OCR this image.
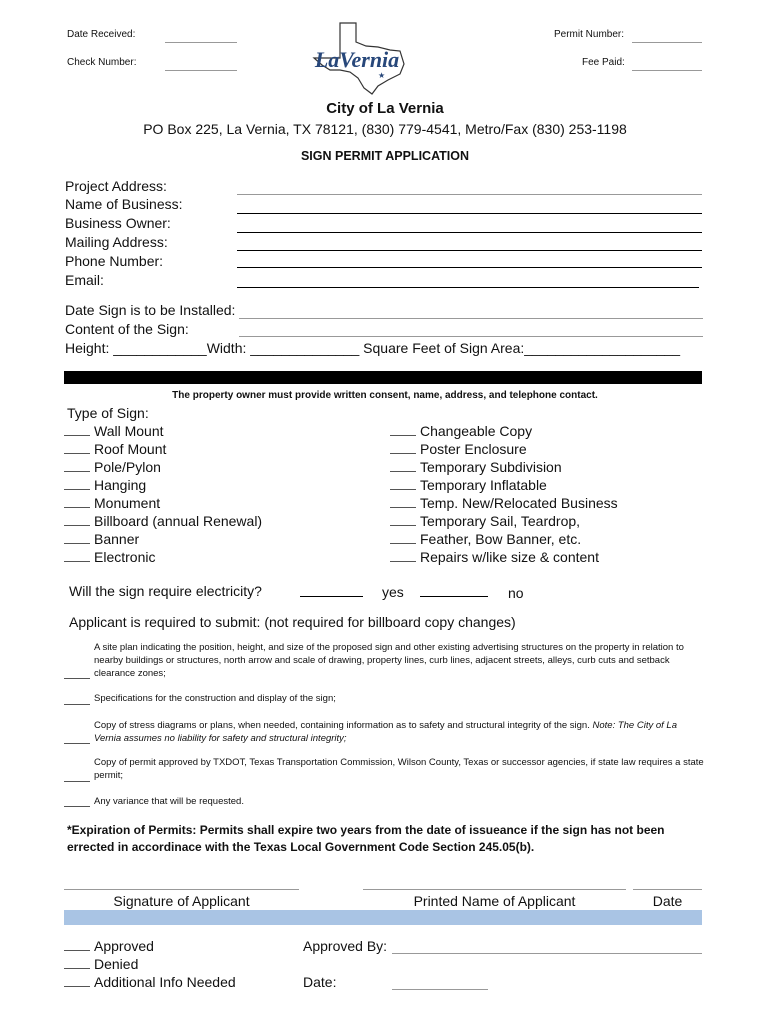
Date Received:
Check Number:
Permit Number:
Fee Paid:
LaVernia
★
City of La Vernia
PO Box 225, La Vernia, TX 78121, (830) 779-4541, Metro/Fax (830) 253-1198
SIGN PERMIT APPLICATION
Project Address:
Name of Business:
Business Owner:
Mailing Address:
Phone Number:
Email:
Date Sign is to be Installed:
Content of the Sign:
Height: ____________Width: ______________ Square Feet of Sign Area:____________________
The property owner must provide written consent, name, address, and telephone contact.
Type of Sign:
Wall Mount
Roof Mount
Pole/Pylon
Hanging
Monument
Billboard (annual Renewal)
Banner
Electronic
Changeable Copy
Poster Enclosure
Temporary Subdivision
Temporary Inflatable
Temp. New/Relocated Business
Temporary Sail, Teardrop,
Feather, Bow Banner, etc.
Repairs w/like size & content
Will the sign require electricity?	yes	no
Applicant is required to submit: (not required for billboard copy changes)
A site plan indicating the position, height, and size of the proposed sign and other existing advertising structures on the property in relation to nearby buildings or structures, north arrow and scale of drawing, property lines, curb lines, adjacent streets, alleys, curb cuts and setback clearance zones;
Specifications for the construction and display of the sign;
Copy of stress diagrams or plans, when needed, containing information as to safety and structural integrity of the sign. Note: The City of La Vernia assumes no liability for safety and structural integrity;
Copy of permit approved by TXDOT, Texas Transportation Commission, Wilson County, Texas or successor agencies, if state law requires a state permit;
Any variance that will be requested.
*Expiration of Permits: Permits shall expire two years from the date of issueance if the sign has not been errected in accordinace with the Texas Local Government Code Section 245.05(b).
Signature of Applicant	Printed Name of Applicant	Date
Approved
Denied
Additional Info Needed
Approved By:
Date:
